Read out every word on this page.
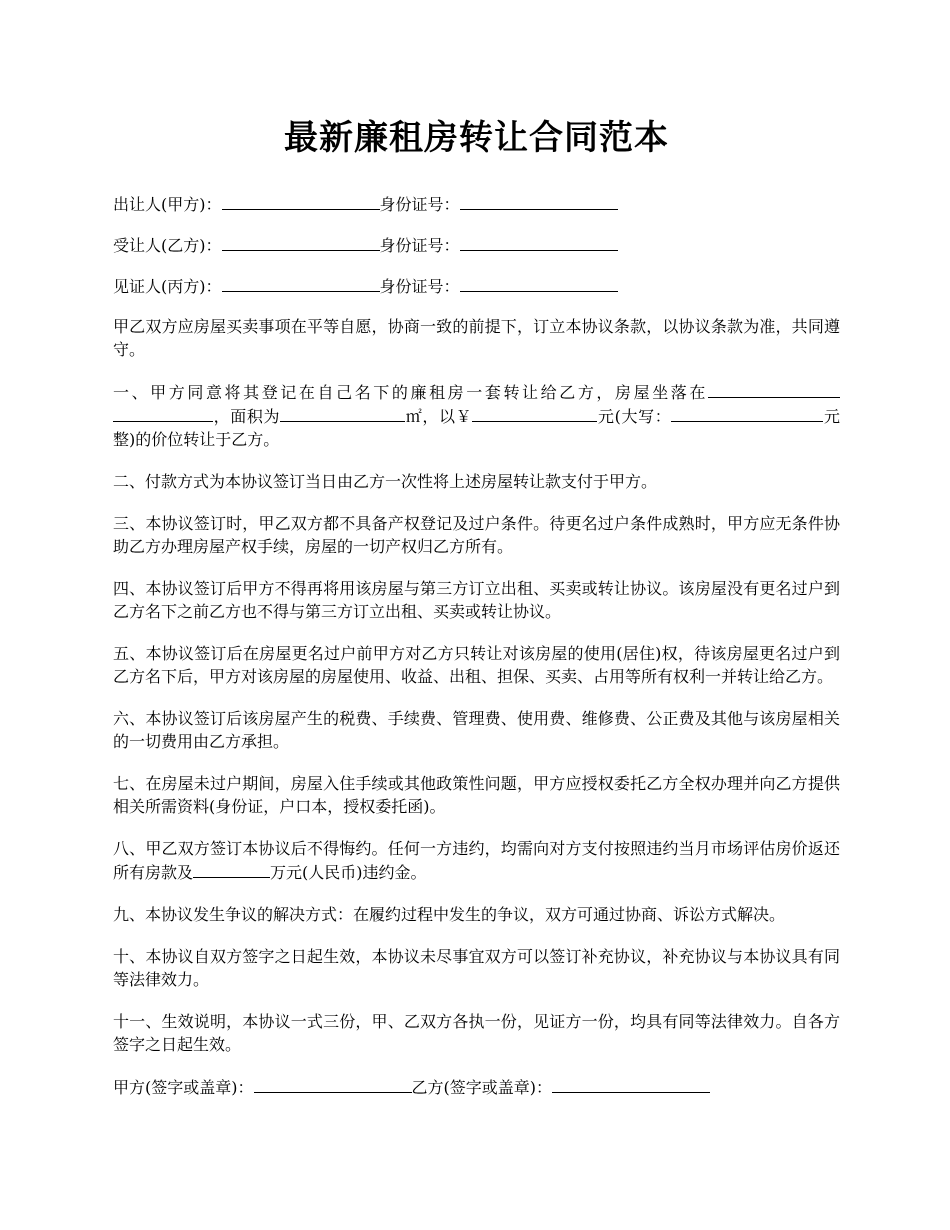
最新廉租房转让合同范本
出让人(甲方)：	身份证号：
受让人(乙方)：	身份证号：
见证人(丙方)：	身份证号：

甲乙双方应房屋买卖事项在平等自愿，协商一致的前提下，订立本协议条款，以协议条款为准，共同遵守。

一、甲方同意将其登记在自己名下的廉租房一套转让给乙方，房屋坐落在，面积为	㎡，以￥	元(大写：	元整)的价位转让于乙方。

二、付款方式为本协议签订当日由乙方一次性将上述房屋转让款支付于甲方。

三、本协议签订时，甲乙双方都不具备产权登记及过户条件。待更名过户条件成熟时，甲方应无条件协助乙方办理房屋产权手续，房屋的一切产权归乙方所有。

四、本协议签订后甲方不得再将用该房屋与第三方订立出租、买卖或转让协议。该房屋没有更名过户到乙方名下之前乙方也不得与第三方订立出租、买卖或转让协议。

五、本协议签订后在房屋更名过户前甲方对乙方只转让对该房屋的使用(居住)权，待该房屋更名过户到乙方名下后，甲方对该房屋的房屋使用、收益、出租、担保、买卖、占用等所有权利一并转让给乙方。

六、本协议签订后该房屋产生的税费、手续费、管理费、使用费、维修费、公正费及其他与该房屋相关的一切费用由乙方承担。

七、在房屋未过户期间，房屋入住手续或其他政策性问题，甲方应授权委托乙方全权办理并向乙方提供相关所需资料(身份证，户口本，授权委托函)。

八、甲乙双方签订本协议后不得悔约。任何一方违约，均需向对方支付按照违约当月市场评估房价返还所有房款及	万元(人民币)违约金。

九、本协议发生争议的解决方式：在履约过程中发生的争议，双方可通过协商、诉讼方式解决。

十、本协议自双方签字之日起生效，本协议未尽事宜双方可以签订补充协议，补充协议与本协议具有同等法律效力。

十一、生效说明，本协议一式三份，甲、乙双方各执一份，见证方一份，均具有同等法律效力。自各方签字之日起生效。

甲方(签字或盖章)：	乙方(签字或盖章)：
